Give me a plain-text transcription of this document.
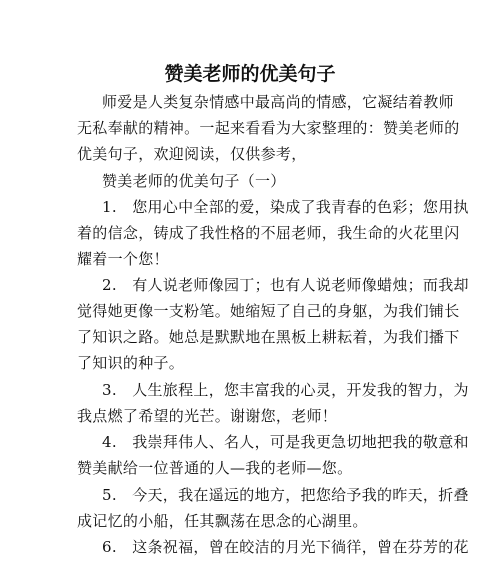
赞美老师的优美句子
师爱是人类复杂情感中最高尚的情感，它凝结着教师
无私奉献的精神。一起来看看为大家整理的：赞美老师的
优美句子，欢迎阅读，仅供参考，
赞美老师的优美句子（一）
1.　您用心中全部的爱，染成了我青春的色彩；您用执
着的信念，铸成了我性格的不屈老师，我生命的火花里闪
耀着一个您！
2.　有人说老师像园丁；也有人说老师像蜡烛；而我却
觉得她更像一支粉笔。她缩短了自己的身躯，为我们铺长
了知识之路。她总是默默地在黑板上耕耘着，为我们播下
了知识的种子。
3.　人生旅程上，您丰富我的心灵，开发我的智力，为
我点燃了希望的光芒。谢谢您，老师！
4.　我崇拜伟人、名人，可是我更急切地把我的敬意和
赞美献给一位普通的人—我的老师—您。
5.　今天，我在遥远的地方，把您给予我的昨天，折叠
成记忆的小船，任其飘荡在思念的心湖里。
6.　这条祝福，曾在皎洁的月光下徜徉，曾在芬芳的花
